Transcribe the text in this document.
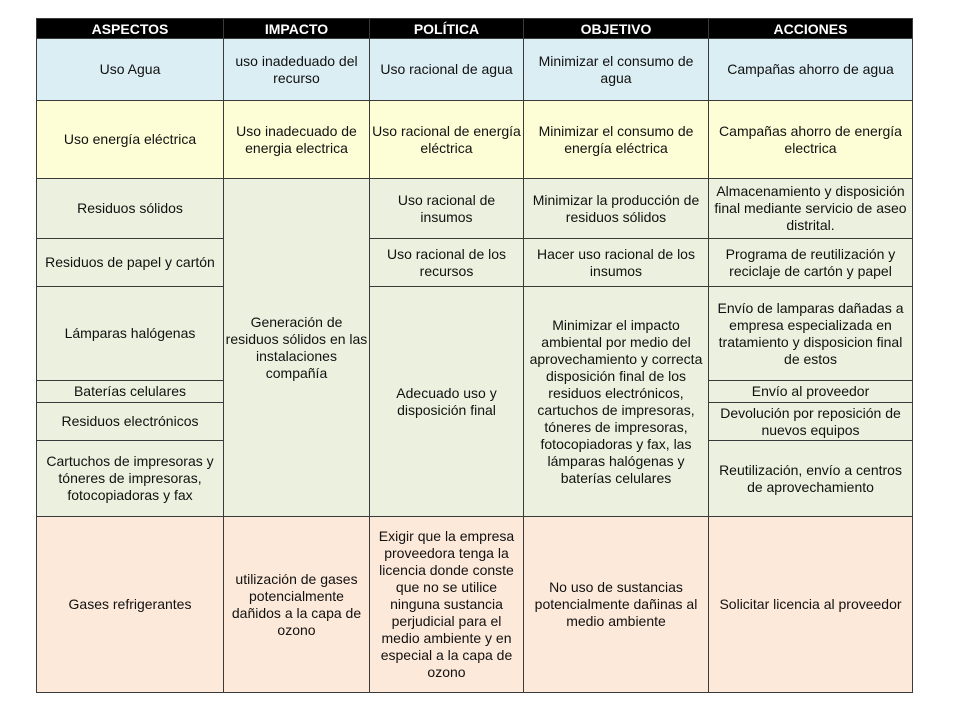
ASPECTOS	IMPACTO	POLÍTICA	OBJETIVO	ACCIONES
Uso Agua	uso inadeduado del recurso	Uso racional de agua	Minimizar el consumo de agua	Campañas ahorro de agua
Uso energía eléctrica	Uso inadecuado de energia electrica	Uso racional de energía eléctrica	Minimizar el consumo de energía eléctrica	Campañas ahorro de energía electrica
Residuos sólidos	Generación de residuos sólidos en las instalaciones compañía	Uso racional de insumos	Minimizar la producción de residuos sólidos	Almacenamiento y disposición final mediante servicio de aseo distrital.
Residuos de papel y cartón		Uso racional de los recursos	Hacer uso racional de los insumos	Programa de reutilización y reciclaje de cartón y papel
Lámparas halógenas		Adecuado uso y disposición final	Minimizar el impacto ambiental por medio del aprovechamiento y correcta disposición final de los residuos electrónicos, cartuchos de impresoras, tóneres de impresoras, fotocopiadoras y fax, las lámparas halógenas y baterías celulares	Envío de lamparas dañadas a empresa especializada en tratamiento y disposicion final de estos

Baterías celulares				Envío al proveedor
Residuos electrónicos				Devolución por reposición de nuevos equipos
Cartuchos de impresoras y tóneres de impresoras, fotocopiadoras y fax				Reutilización, envío a centros de aprovechamiento
Gases refrigerantes	utilización de gases potencialmente dañidos a la capa de ozono	Exigir que la empresa proveedora tenga la licencia donde conste que no se utilice ninguna sustancia perjudicial para el medio ambiente y en especial a la capa de ozono	No uso de sustancias potencialmente dañinas al medio ambiente	Solicitar licencia al proveedor
